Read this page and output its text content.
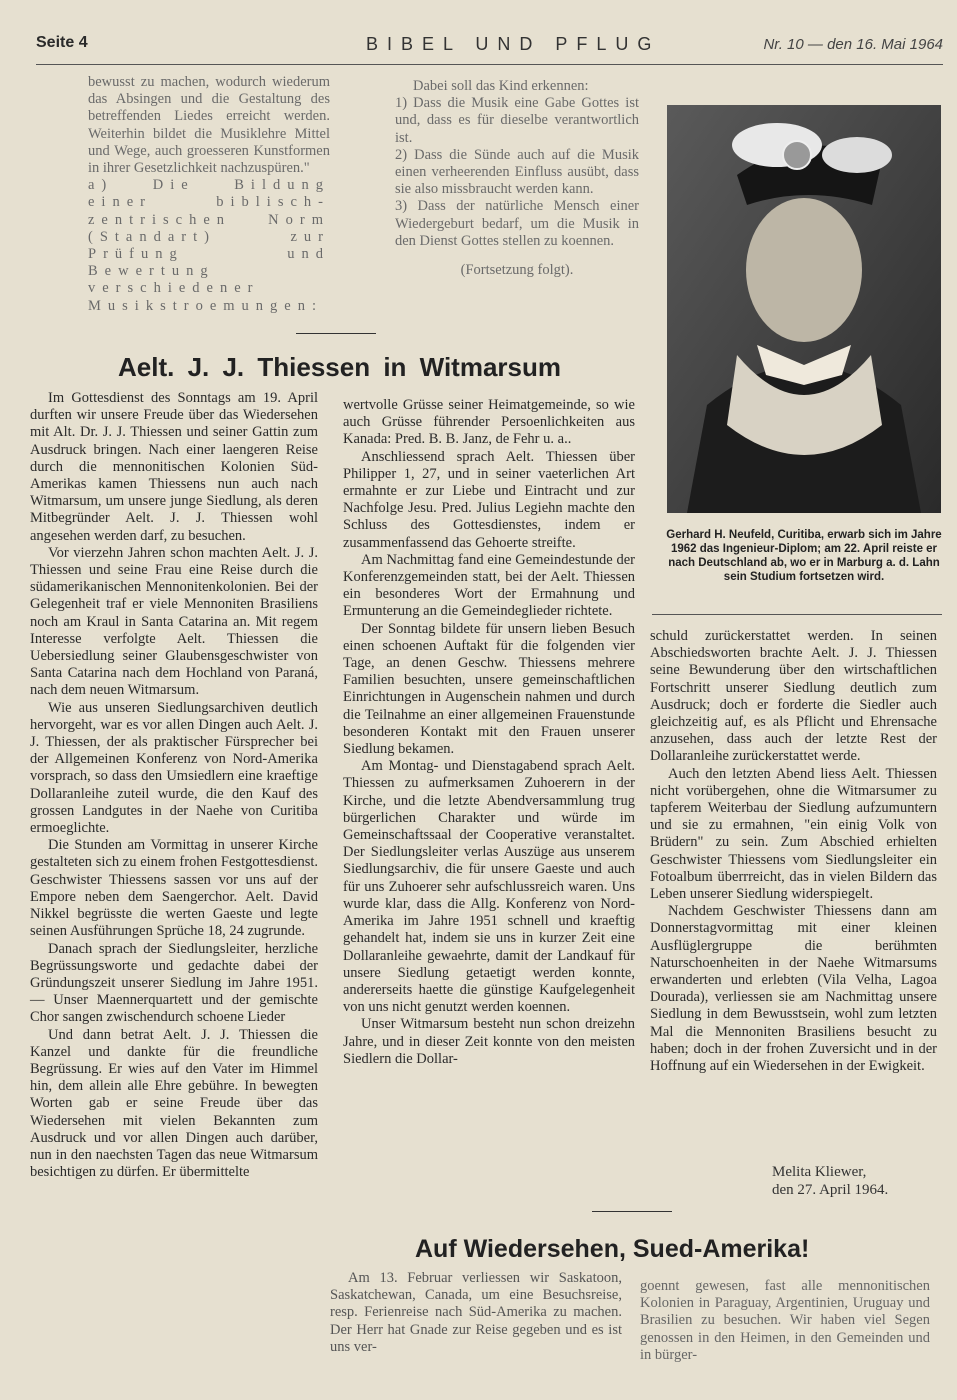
Seite 4	BIBEL UND PFLUG	Nr. 10 — den 16. Mai 1964

bewusst zu machen, wodurch wiederum das Absingen und die Gestaltung des betreffenden Liedes erreicht werden. Weiterhin bildet die Musiklehre Mittel und Wege, auch groesseren Kunstformen in ihrer Gesetzlichkeit nachzuspüren."

a) Die Bildung einer biblisch-zentrischen Norm (Standart) zur Prüfung und Bewertung verschiedener Musikstroemungen:

Dabei soll das Kind erkennen:

1) Dass die Musik eine Gabe Gottes ist und, dass es für dieselbe verantwortlich ist.

2) Dass die Sünde auch auf die Musik einen verheerenden Einfluss ausübt, dass sie also missbraucht werden kann.

3) Dass der natürliche Mensch einer Wiedergeburt bedarf, um die Musik in den Dienst Gottes stellen zu koennen.

(Fortsetzung folgt).

Aelt. J. J. Thiessen in Witmarsum

Im Gottesdienst des Sonntags am 19. April durften wir unsere Freude über das Wiedersehen mit Alt. Dr. J. J. Thiessen und seiner Gattin zum Ausdruck bringen. Nach einer laengeren Reise durch die mennonitischen Kolonien Süd-Amerikas kamen Thiessens nun auch nach Witmarsum, um unsere junge Siedlung, als deren Mitbegründer Aelt. J. J. Thiessen wohl angesehen werden darf, zu besuchen.

Vor vierzehn Jahren schon machten Aelt. J. J. Thiessen und seine Frau eine Reise durch die südamerikanischen Mennonitenkolonien. Bei der Gelegenheit traf er viele Mennoniten Brasiliens noch am Kraul in Santa Catarina an. Mit regem Interesse verfolgte Aelt. Thiessen die Uebersiedlung seiner Glaubensgeschwister von Santa Catarina nach dem Hochland von Paraná, nach dem neuen Witmarsum.

Wie aus unseren Siedlungsarchiven deutlich hervorgeht, war es vor allen Dingen auch Aelt. J. J. Thiessen, der als praktischer Fürsprecher bei der Allgemeinen Konferenz von Nord-Amerika vorsprach, so dass den Umsiedlern eine kraeftige Dollaranleihe zuteil wurde, die den Kauf des grossen Landgutes in der Naehe von Curitiba ermoeglichte.

Die Stunden am Vormittag in unserer Kirche gestalteten sich zu einem frohen Festgottesdienst. Geschwister Thiessens sassen vor uns auf der Empore neben dem Saengerchor. Aelt. David Nikkel begrüsste die werten Gaeste und legte seinen Ausführungen Sprüche 18, 24 zugrunde.

Danach sprach der Siedlungsleiter, herzliche Begrüssungsworte und gedachte dabei der Gründungszeit unserer Siedlung im Jahre 1951. — Unser Maennerquartett und der gemischte Chor sangen zwischendurch schoene Lieder

Und dann betrat Aelt. J. J. Thiessen die Kanzel und dankte für die freundliche Begrüssung. Er wies auf den Vater im Himmel hin, dem allein alle Ehre gebühre. In bewegten Worten gab er seine Freude über das Wiedersehen mit vielen Bekannten zum Ausdruck und vor allen Dingen auch darüber, nun in den naechsten Tagen das neue Witmarsum besichtigen zu dürfen. Er übermittelte

wertvolle Grüsse seiner Heimatgemeinde, so wie auch Grüsse führender Persoenlichkeiten aus Kanada: Pred. B. B. Janz, de Fehr u. a..

Anschliessend sprach Aelt. Thiessen über Philipper 1, 27, und in seiner vaeterlichen Art ermahnte er zur Liebe und Eintracht und zur Nachfolge Jesu. Pred. Julius Legiehn machte den Schluss des Gottesdienstes, indem er zusammenfassend das Gehoerte streifte.

Am Nachmittag fand eine Gemeindestunde der Konferenzgemeinden statt, bei der Aelt. Thiessen ein besonderes Wort der Ermahnung und Ermunterung an die Gemeindeglieder richtete.

Der Sonntag bildete für unsern lieben Besuch einen schoenen Auftakt für die folgenden vier Tage, an denen Geschw. Thiessens mehrere Familien besuchten, unsere gemeinschaftlichen Einrichtungen in Augenschein nahmen und durch die Teilnahme an einer allgemeinen Frauenstunde besonderen Kontakt mit den Frauen unserer Siedlung bekamen.

Am Montag- und Dienstagabend sprach Aelt. Thiessen zu aufmerksamen Zuhoerern in der Kirche, und die letzte Abendversammlung trug bürgerlichen Charakter und würde im Gemeinschaftssaal der Cooperative veranstaltet. Der Siedlungsleiter verlas Auszüge aus unserem Siedlungsarchiv, die für unsere Gaeste und auch für uns Zuhoerer sehr aufschlussreich waren. Uns wurde klar, dass die Allg. Konferenz von Nord-Amerika im Jahre 1951 schnell und kraeftig gehandelt hat, indem sie uns in kurzer Zeit eine Dollaranleihe gewaehrte, damit der Landkauf für unsere Siedlung getaetigt werden konnte, andererseits haette die günstige Kaufgelegenheit von uns nicht genutzt werden koennen.

Unser Witmarsum besteht nun schon dreizehn Jahre, und in dieser Zeit konnte von den meisten Siedlern die Dollar-

Gerhard H. Neufeld, Curitiba, erwarb sich im Jahre 1962 das Ingenieur-Diplom; am 22. April reiste er nach Deutschland ab, wo er in Marburg a. d. Lahn sein Studium fortsetzen wird.

schuld zurückerstattet werden. In seinen Abschiedsworten brachte Aelt. J. J. Thiessen seine Bewunderung über den wirtschaftlichen Fortschritt unserer Siedlung deutlich zum Ausdruck; doch er forderte die Siedler auch gleichzeitig auf, es als Pflicht und Ehrensache anzusehen, dass auch der letzte Rest der Dollaranleihe zurückerstattet werde.

Auch den letzten Abend liess Aelt. Thiessen nicht vorübergehen, ohne die Witmarsumer zu tapferem Weiterbau der Siedlung aufzumuntern und sie zu ermahnen, "ein einig Volk von Brüdern" zu sein. Zum Abschied erhielten Geschwister Thiessens vom Siedlungsleiter ein Fotoalbum überrreicht, das in vielen Bildern das Leben unserer Siedlung widerspiegelt.

Nachdem Geschwister Thiessens dann am Donnerstagvormittag mit einer kleinen Ausflüglergruppe die berühmten Naturschoenheiten in der Naehe Witmarsums erwanderten und erlebten (Vila Velha, Lagoa Dourada), verliessen sie am Nachmittag unsere Siedlung in dem Bewusstsein, wohl zum letzten Mal die Mennoniten Brasiliens besucht zu haben; doch in der frohen Zuversicht und in der Hoffnung auf ein Wiedersehen in der Ewigkeit.

Melita Kliewer,
den 27. April 1964.
Auf Wiedersehen, Sued-Amerika!

Am 13. Februar verliessen wir Saskatoon, Saskatchewan, Canada, um eine Besuchsreise, resp. Ferienreise nach Süd-Amerika zu machen. Der Herr hat Gnade zur Reise gegeben und es ist uns ver-

goennt gewesen, fast alle mennonitischen Kolonien in Paraguay, Argentinien, Uruguay und Brasilien zu besuchen. Wir haben viel Segen genossen in den Heimen, in den Gemeinden und in bürger-
